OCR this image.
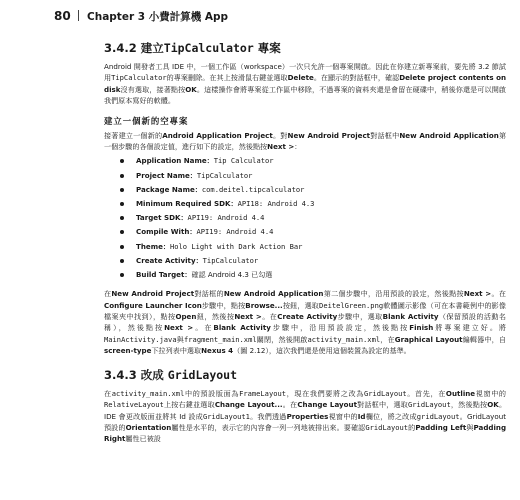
80 Chapter 3 小費計算機 App
3.4.2 建立TipCalculator 專案

Android 開發者工具 IDE 中，一個工作區（workspace）一次只允許一個專案開啟。因此在你建立新專案前，要先將 3.2 節試用TipCalculator的專案刪除。在其上按滑鼠右鍵並選取Delete。在顯示的對話框中，確認Delete project contents on disk沒有選取，接著點按OK。這樣操作會將專案從工作區中移除，不過專案的資料夾還是會留在硬碟中，稍後你還是可以開啟我們原本寫好的軟體。

建立一個新的空專案

接著建立一個新的Android Application Project。對New Android Project對話框中New Android Application第一個步驟的各個設定值，進行如下的設定，然後點按Next >：

Application Name：Tip Calculator
Project Name：TipCalculator
Package Name：com.deitel.tipcalculator
Minimum Required SDK：API18: Android 4.3
Target SDK：API19: Android 4.4
Compile With：API19: Android 4.4
Theme：Holo Light with Dark Action Bar
Create Activity：TipCalculator
Build Target：確認 Android 4.3 已勾選

在New Android Project對話框的New Android Application第二個步驟中，沿用預設的設定，然後點按Next >。在Configure Launcher Icon步驟中，點按Browse...按鈕，選取DeitelGreen.png軟體圖示影像（可在本書範例中的影像檔案夾中找到），點按Open鈕，然後按Next >。在Create Activity步驟中，選取Blank Activity（保留預設的活動名稱），然後點按Next >。在Blank Activity步驟中，沿用預設設定，然後點按Finish將專案建立好。將MainActivity.java與fragment_main.xml關閉，然後開啟activity_main.xml，在Graphical Layout編輯器中，自screen-type下拉列表中選取Nexus 4（圖 2.12），這次我們還是使用這個裝置為設定的基準。

3.4.3 改成 GridLayout

在activity_main.xml中的預設版面為FrameLayout，現在我們要將之改為GridLayout。首先，在Outline視窗中的RelativeLayout上按右鍵並選取Change Layout...。在Change Layout對話框中，選取GridLayout，然後點按OK。IDE 會更改版面並將其 Id 設成GridLayout1。我們透過Properties視窗中的Id欄位，將之改成gridLayout。GridLayout 預設的Orientation屬性是水平的，表示它的內容會一列一列地被排出來。要確認GridLayout的Padding Left與Padding Right屬性已被設
